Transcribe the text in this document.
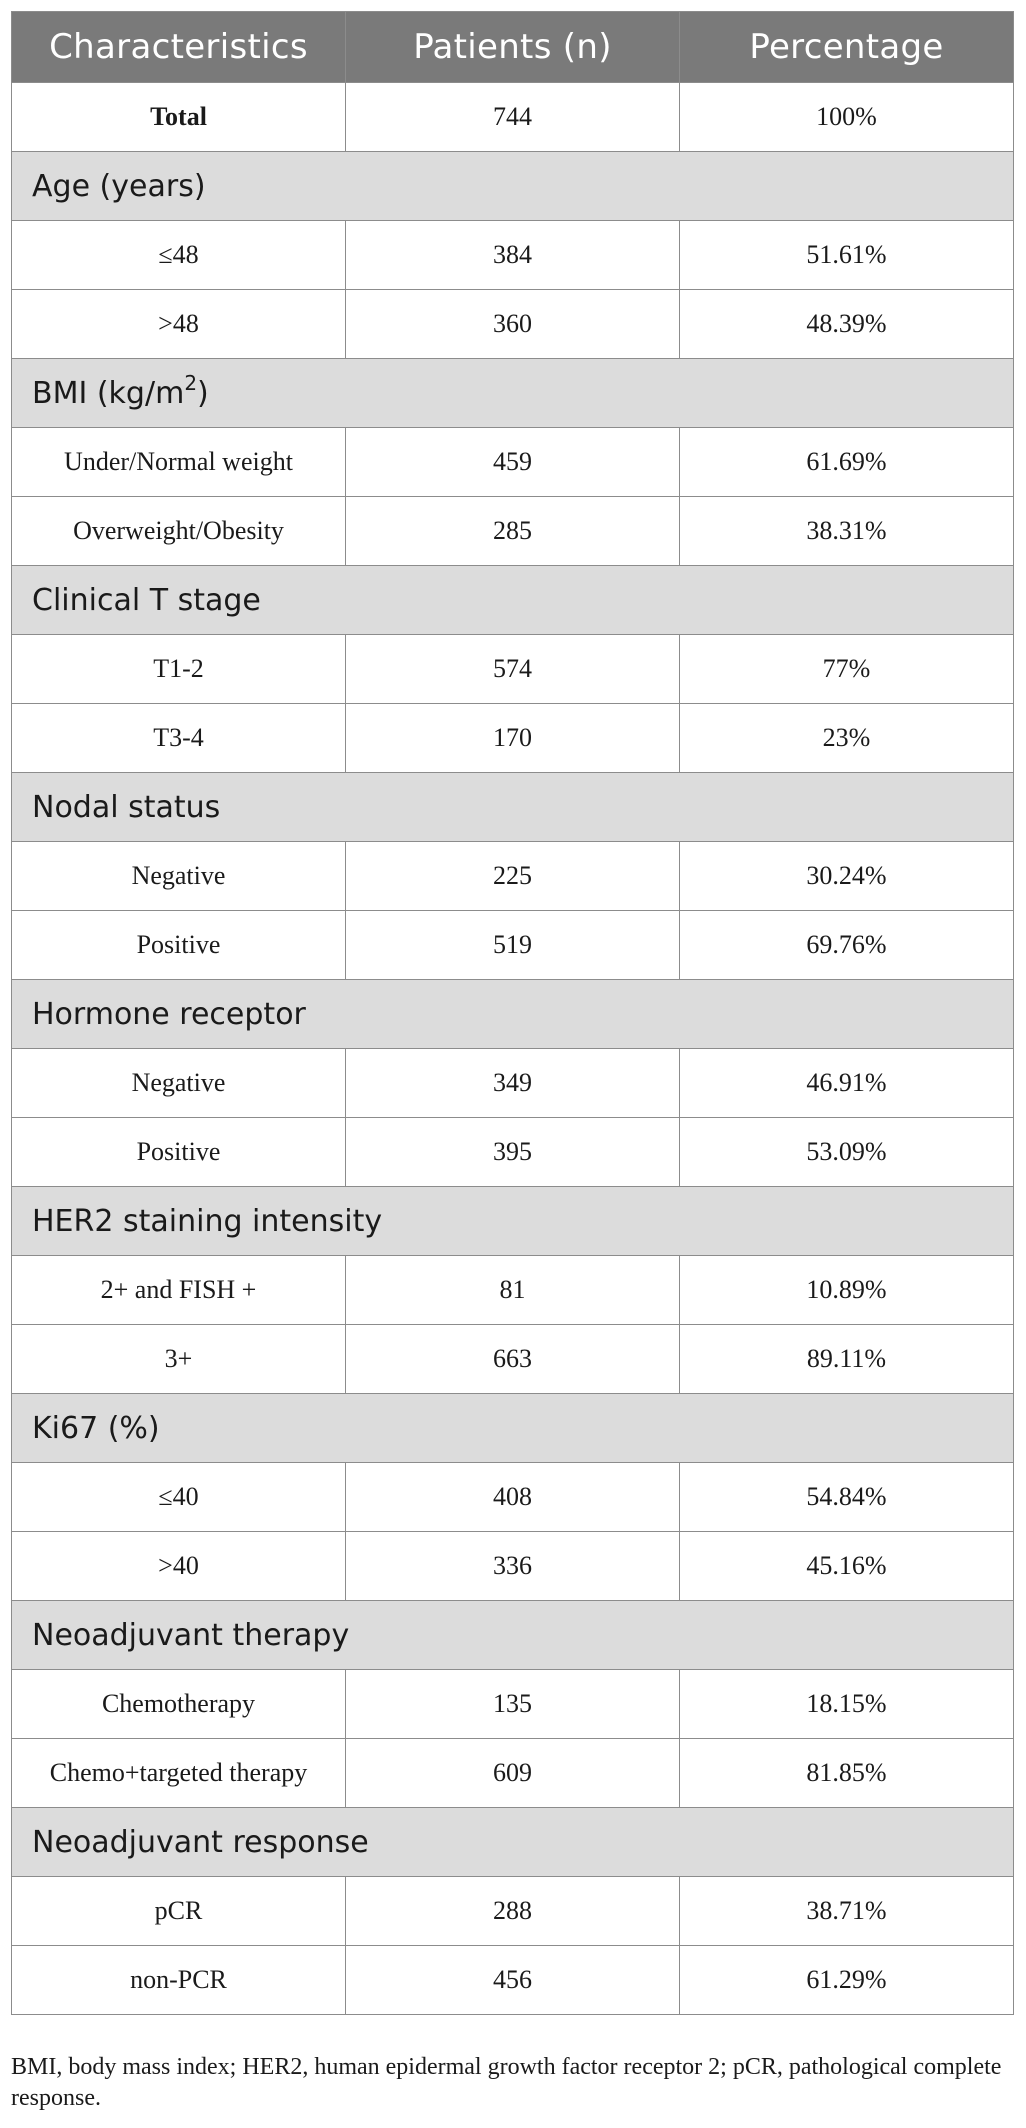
Characteristics	Patients (n)	Percentage
Total	744	100%
Age (years)		
≤48	384	51.61%
>48	360	48.39%
BMI $(kg/m^2)$		
Under/Normal weight	459	61.69%
Overweight/Obesity	285	38.31%
Clinical T stage		
T1-2	574	77%
T3-4	170	23%
Nodal status		
Negative	225	30.24%
Positive	519	69.76%
Hormone receptor		
Negative	349	46.91%
Positive	395	53.09%
HER2 staining intensity		
2+ and FISH +	81	10.89%
3+	663	89.11%
Ki67 (%)		
≤40	408	54.84%
>40	336	45.16%
Neoadjuvant therapy		
Chemotherapy	135	18.15%
Chemo+targeted therapy	609	81.85%
Neoadjuvant response		
pCR	288	38.71%
non-PCR	456	61.29%
BMI, body mass index; HER2, human epidermal growth factor receptor 2; pCR, pathological complete response.
